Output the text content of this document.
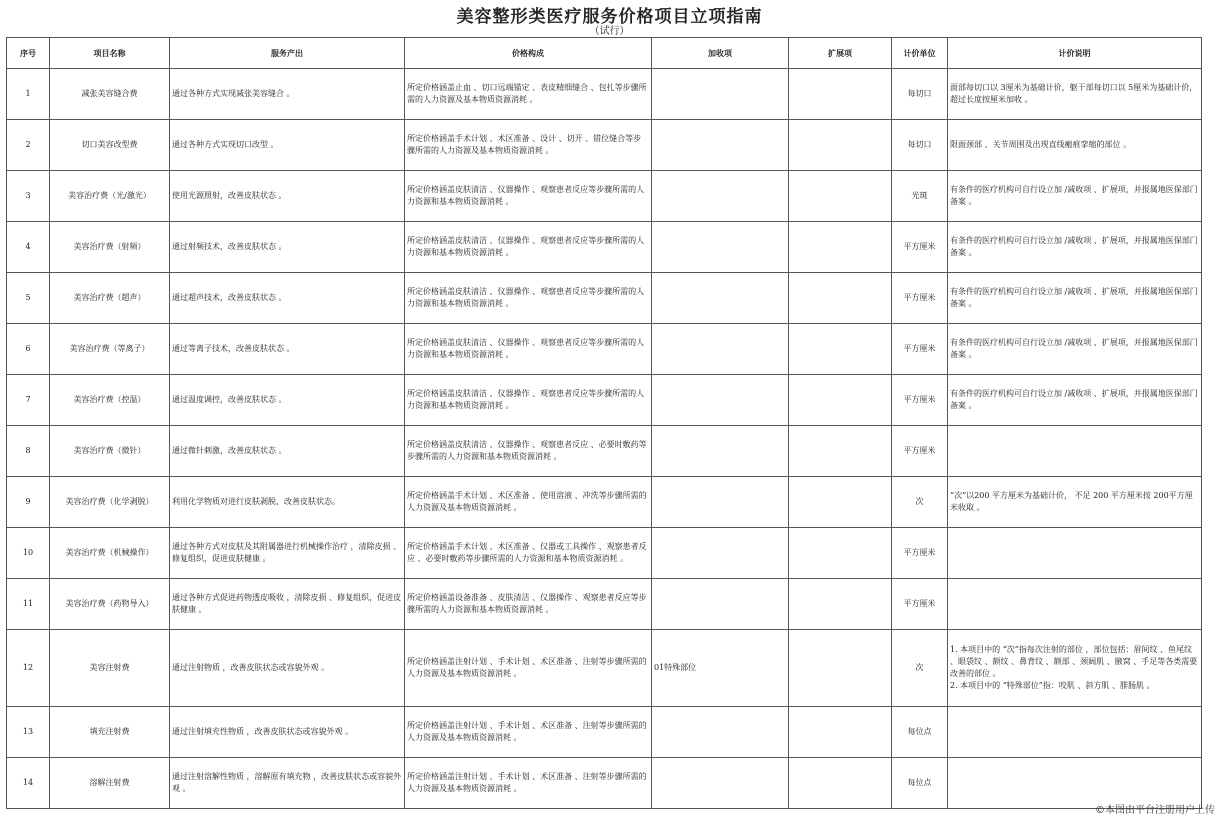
美容整形类医疗服务价格项目立项指南
（试行）
序号	项目名称	服务产出	价格构成	加收项	扩展项	计价单位	计价说明
1	减张美容缝合费	通过各种方式实现减张美容缝合 。	所定价格涵盖止血 、切口远端锚定 、表皮精细缝合 、包扎等步骤所需的人力资源及基本物质资源消耗 。			每切口	面部每切口以 3厘米为基础计价，躯干部每切口以 5厘米为基础计价，超过长度按厘米加收 。
2	切口美容改型费	通过各种方式实现切口改型 。	所定价格涵盖手术计划 、术区准备 、设计 、切开 、错位缝合等步骤所需的人力资源及基本物质资源消耗 。			每切口	限面颈部 、关节周围及出现直线瘢痕挛缩的部位 。
3	美容治疗费（光/激光）	使用光源照射，改善皮肤状态 。	所定价格涵盖皮肤清洁 、仪器操作 、观察患者反应等步骤所需的人力资源和基本物质资源消耗 。			光斑	有条件的医疗机构可自行设立加 /减收项 、扩展项，并报属地医保部门备案 。
4	美容治疗费（射频）	通过射频技术，改善皮肤状态 。	所定价格涵盖皮肤清洁 、仪器操作 、观察患者反应等步骤所需的人力资源和基本物质资源消耗 。			平方厘米	有条件的医疗机构可自行设立加 /减收项 、扩展项，并报属地医保部门备案 。
5	美容治疗费（超声）	通过超声技术，改善皮肤状态 。	所定价格涵盖皮肤清洁 、仪器操作 、观察患者反应等步骤所需的人力资源和基本物质资源消耗 。			平方厘米	有条件的医疗机构可自行设立加 /减收项 、扩展项，并报属地医保部门备案 。
6	美容治疗费（等离子）	通过等离子技术，改善皮肤状态 。	所定价格涵盖皮肤清洁 、仪器操作 、观察患者反应等步骤所需的人力资源和基本物质资源消耗 。			平方厘米	有条件的医疗机构可自行设立加 /减收项 、扩展项，并报属地医保部门备案 。
7	美容治疗费（控温）	通过温度调控，改善皮肤状态 。	所定价格涵盖皮肤清洁 、仪器操作 、观察患者反应等步骤所需的人力资源和基本物质资源消耗 。			平方厘米	有条件的医疗机构可自行设立加 /减收项 、扩展项，并报属地医保部门备案 。
8	美容治疗费（微针）	通过微针刺激，改善皮肤状态 。	所定价格涵盖皮肤清洁 、仪器操作 、观察患者反应 、必要时敷药等步骤所需的人力资源和基本物质资源消耗 。			平方厘米	
9	美容治疗费（化学剥脱）	利用化学物质对进行皮肤剥脱，改善皮肤状态。	所定价格涵盖手术计划 、术区准备 、使用溶液 、冲洗等步骤所需的人力资源及基本物质资源消耗 。			次	“次”以200 平方厘米为基础计价， 不足 200 平方厘米按 200平方厘米收取 。
10	美容治疗费（机械操作）	通过各种方式对皮肤及其附属器进行机械操作治疗 ，清除皮损 、修复组织，促进皮肤健康 。	所定价格涵盖手术计划 、术区准备 、仪器或工具操作 、观察患者反应 、必要时敷药等步骤所需的人力资源和基本物质资源消耗 。			平方厘米	
11	美容治疗费（药物导入）	通过各种方式促进药物透皮吸收 ，清除皮损 、修复组织，促进皮肤健康 。	所定价格涵盖设备准备 、皮肤清洁 、仪器操作 、观察患者反应等步骤所需的人力资源和基本物质资源消耗 。			平方厘米	
12	美容注射费	通过注射物质 ，改善皮肤状态或容貌外观 。	所定价格涵盖注射计划 、手术计划 、术区准备 、注射等步骤所需的人力资源及基本物质资源消耗 。	01特殊部位		次	1. 本项目中的 “次”指每次注射的部位 ，部位包括：眉间纹 、鱼尾纹 、眼袋纹 、额纹 、鼻背纹 、额部 、颈阔肌 、腋窝 、手足等各类需要改善的部位 。
2. 本项目中的 “特殊部位”指：咬肌 、斜方肌 、腓肠肌 。
13	填充注射费	通过注射填充性物质 ，改善皮肤状态或容貌外观 。	所定价格涵盖注射计划 、手术计划 、术区准备 、注射等步骤所需的人力资源及基本物质资源消耗 。			每位点	
14	溶解注射费	通过注射溶解性物质 ，溶解原有填充物 ，改善皮肤状态或容貌外观 。	所定价格涵盖注射计划 、手术计划 、术区准备 、注射等步骤所需的人力资源及基本物质资源消耗 。			每位点	
©本图由平台注册用户上传
